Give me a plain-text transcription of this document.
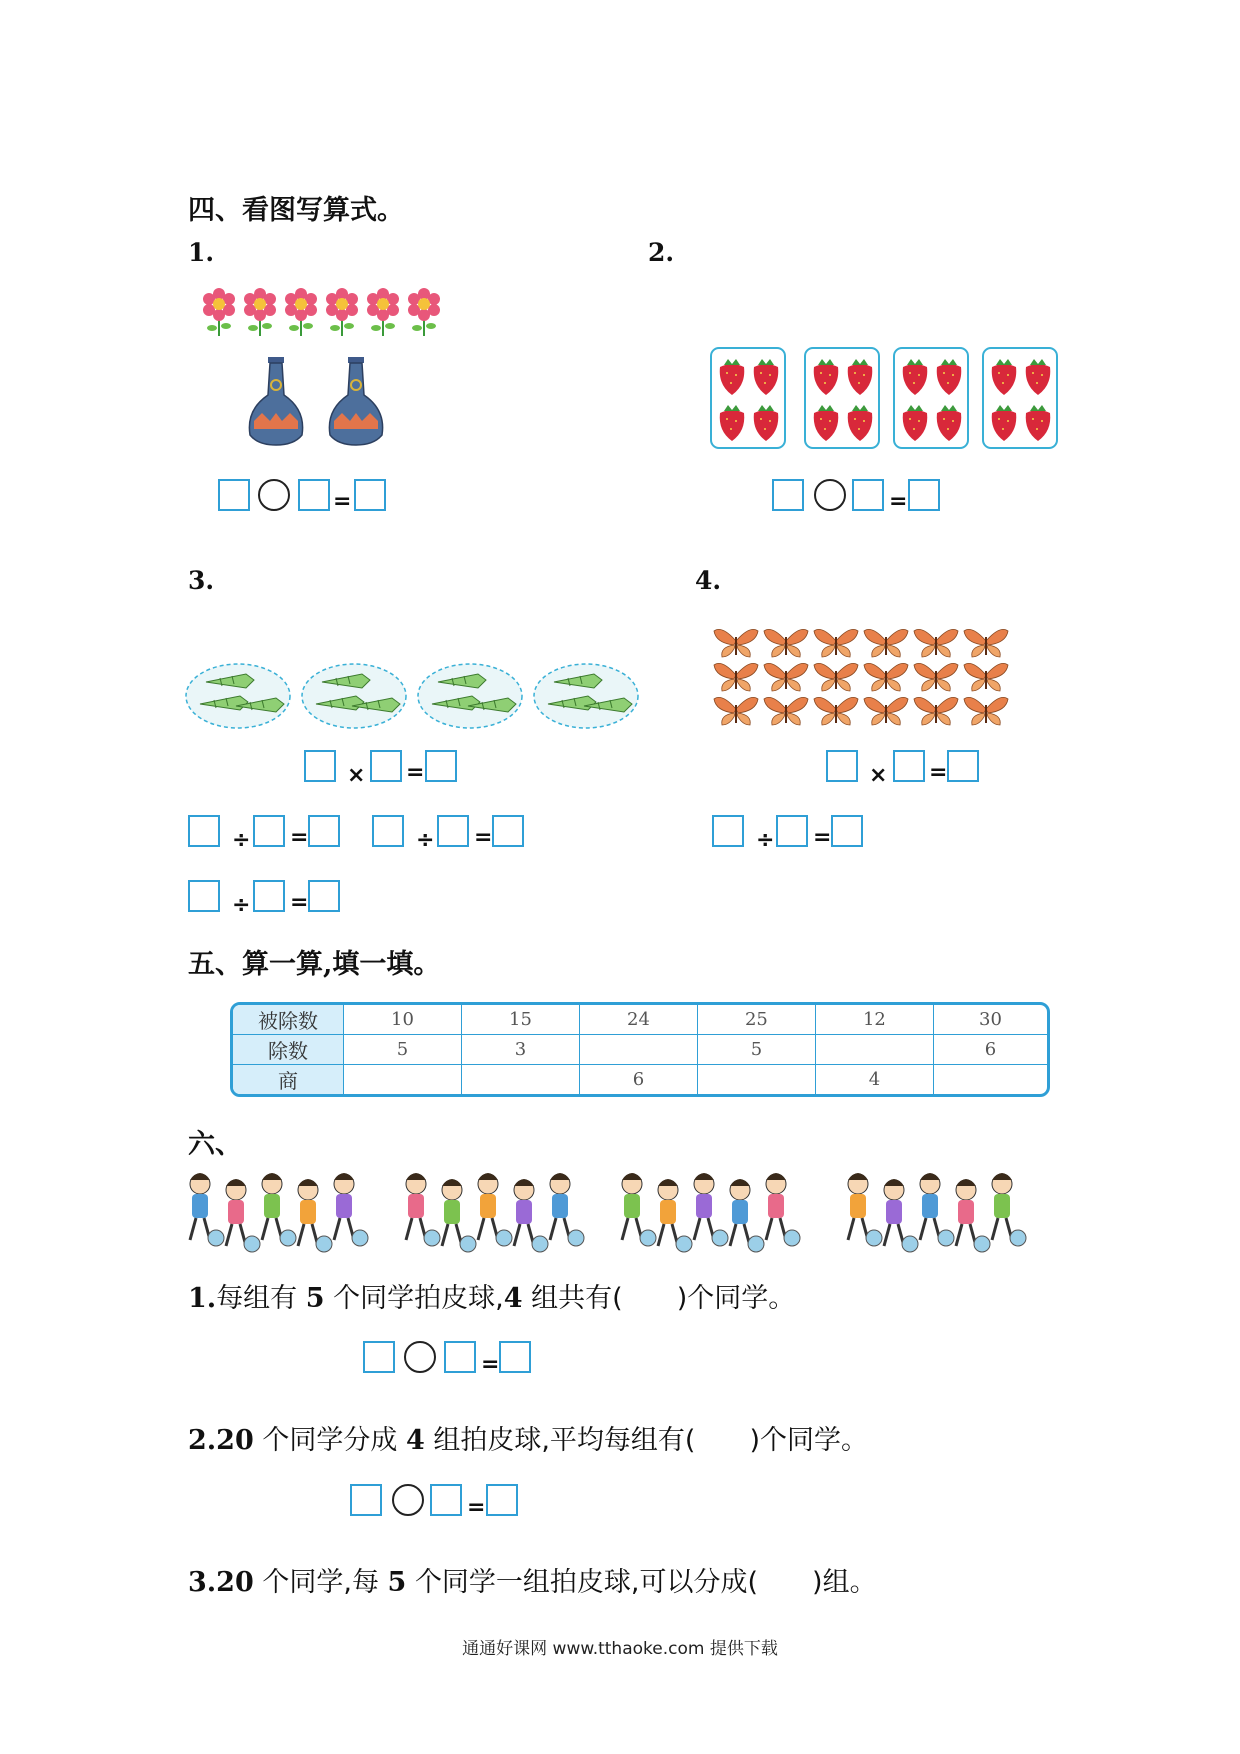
四、看图写算式。
1.	2.
=	=
3.	4.
× =
÷ =	÷ =
÷ =
× =
÷ =
五、算一算,填一填。
被除数	10	15	24	25	12	30
除数	5	3		5		6
商			6		4	
六、
1.每组有 5 个同学拍皮球,4 组共有(　　)个同学。
=
2.20 个同学分成 4 组拍皮球,平均每组有(　　)个同学。
=
3.20 个同学,每 5 个同学一组拍皮球,可以分成(　　)组。
通通好课网 www.tthaoke.com 提供下载
